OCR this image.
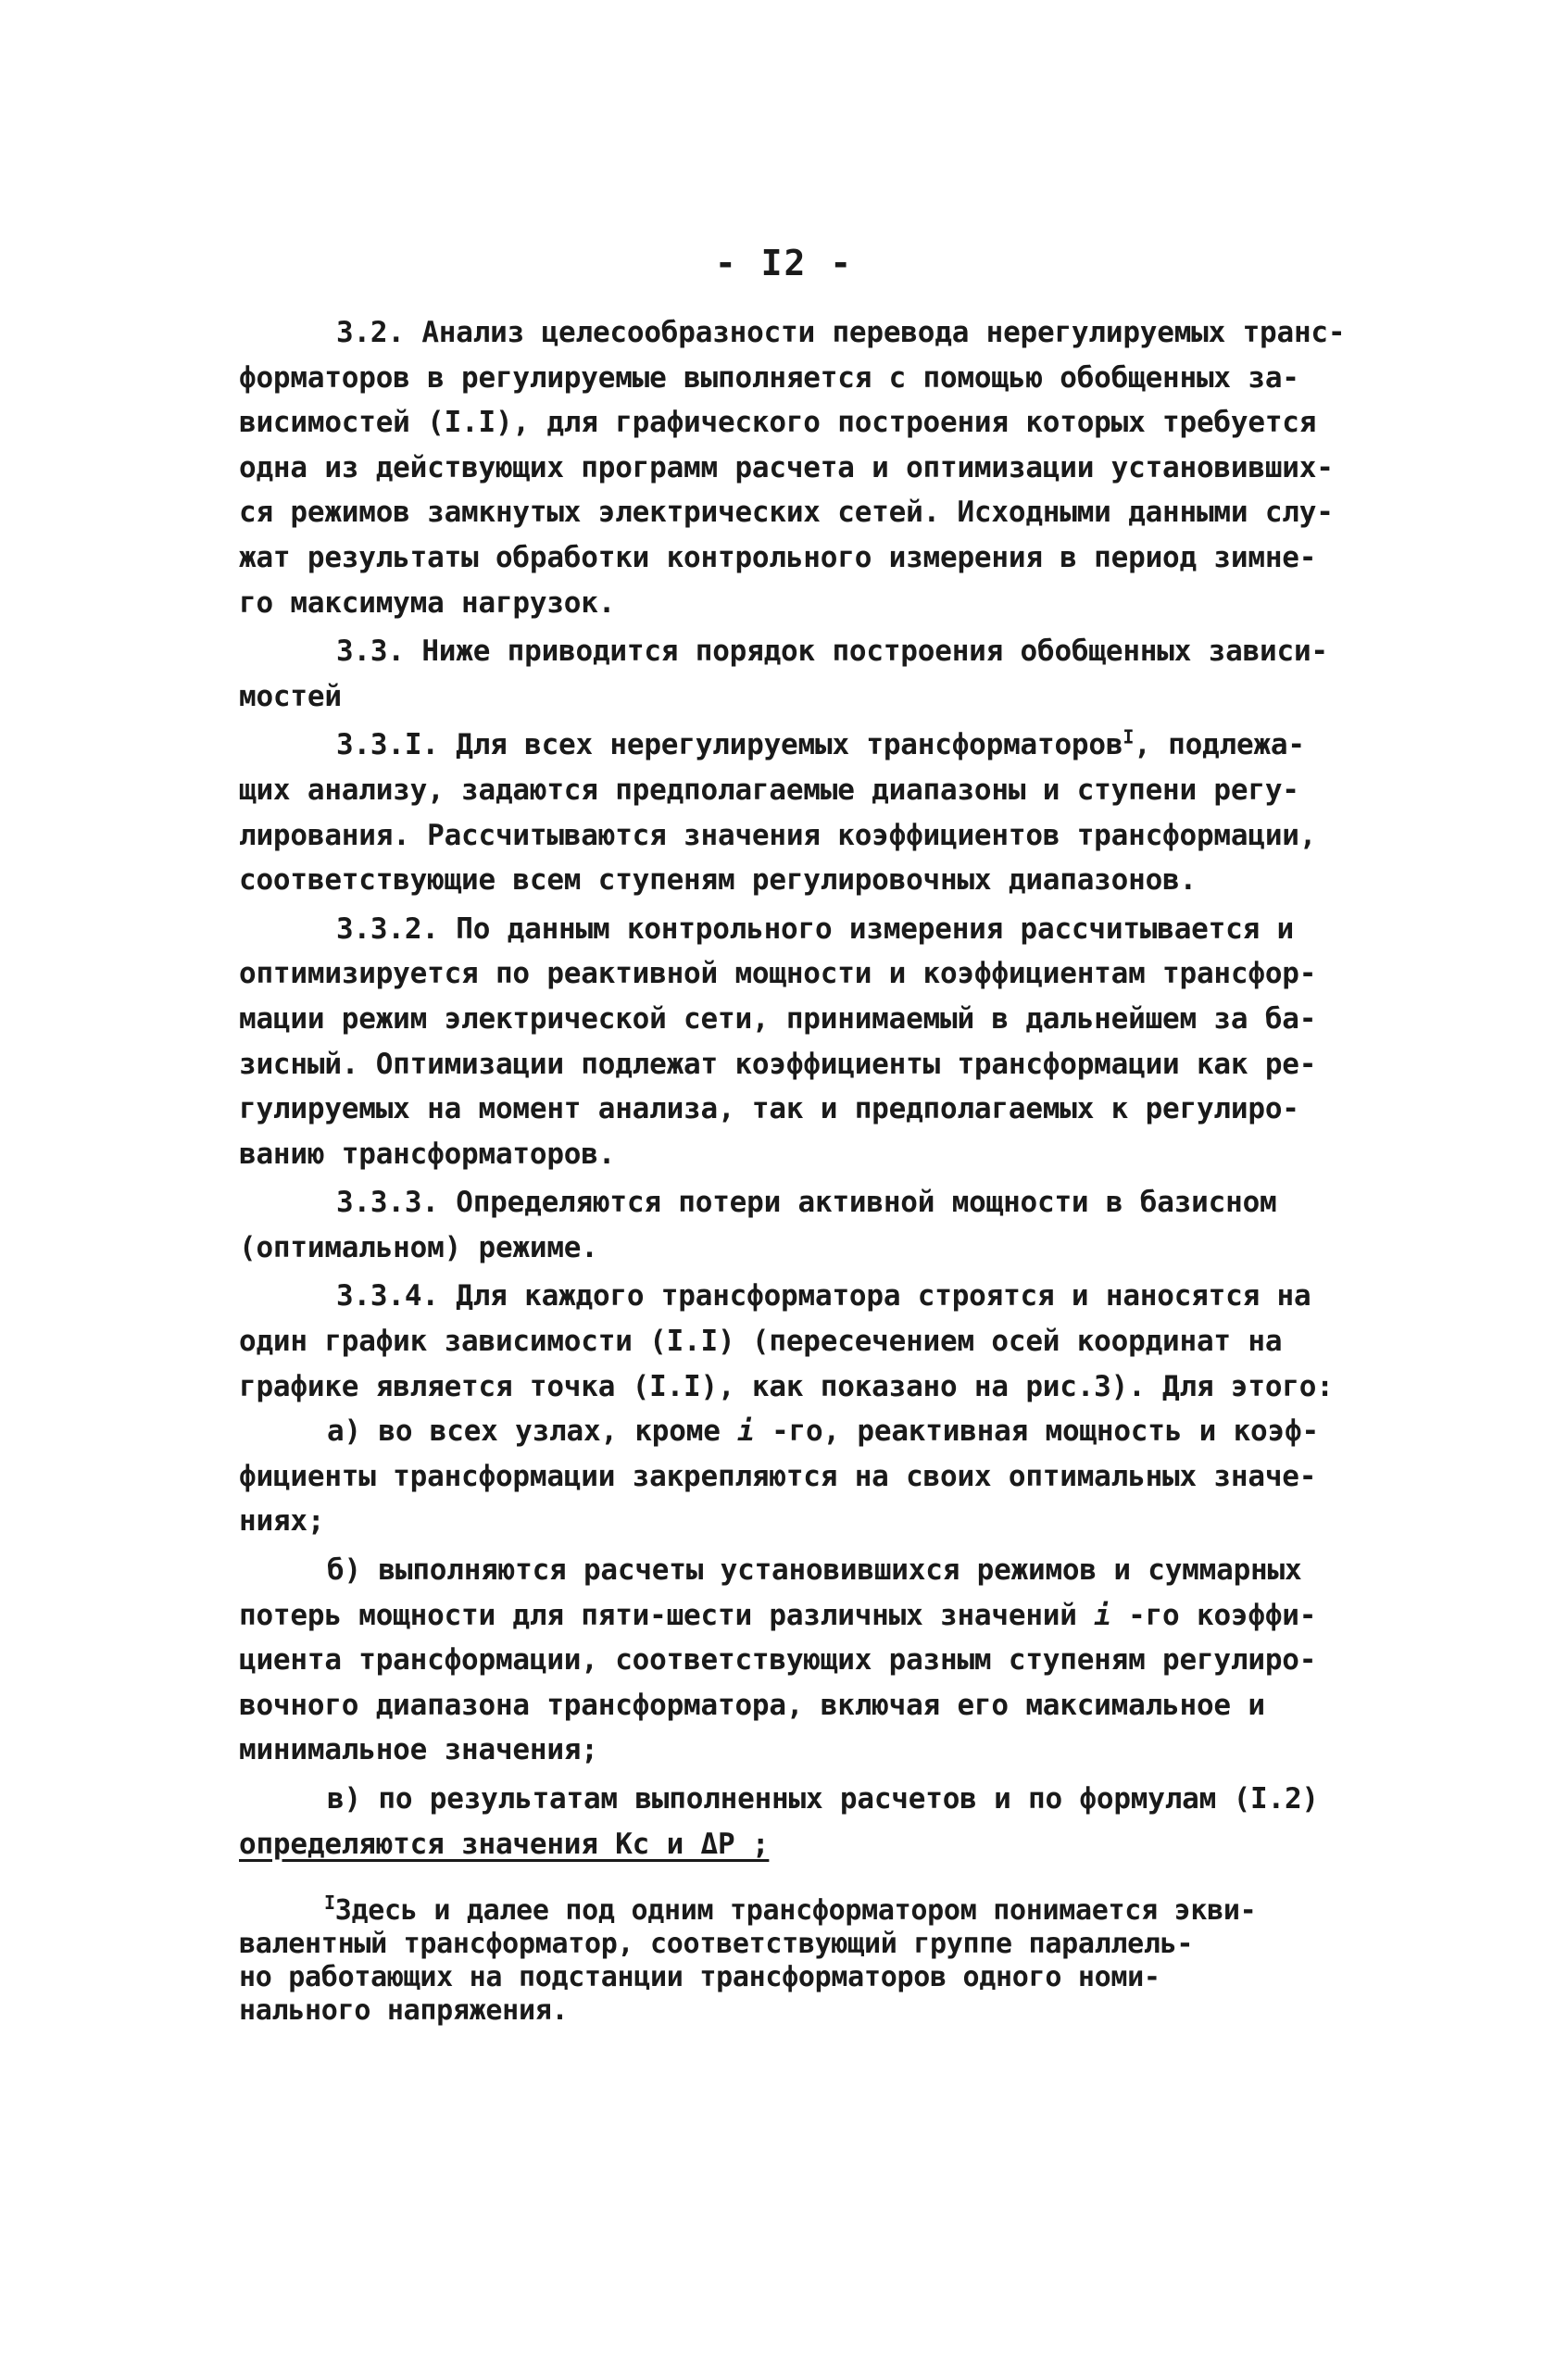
- I2 -
3.2. Анализ целесообразности перевода нерегулируемых транс-
форматоров в регулируемые выполняется с помощью обобщенных за-
висимостей (I.I), для графического построения которых требуется
одна из действующих программ расчета и оптимизации установивших-
ся режимов замкнутых электрических сетей. Исходными данными слу-
жат результаты обработки контрольного измерения в период зимне-
го максимума нагрузок.
3.3. Ниже приводится порядок построения обобщенных зависи-
мостей
3.3.I. Для всех нерегулируемых трансформаторов$^I$, подлежа-
щих анализу, задаются предполагаемые диапазоны и ступени регу-
лирования. Рассчитываются значения коэффициентов трансформации,
соответствующие всем ступеням регулировочных диапазонов.
3.3.2. По данным контрольного измерения рассчитывается и
оптимизируется по реактивной мощности и коэффициентам трансфор-
мации режим электрической сети, принимаемый в дальнейшем за ба-
зисный. Оптимизации подлежат коэффициенты трансформации как ре-
гулируемых на момент анализа, так и предполагаемых к регулиро-
ванию трансформаторов.
3.3.3. Определяются потери активной мощности в базисном
(оптимальном) режиме.
3.3.4. Для каждого трансформатора строятся и наносятся на
один график зависимости (I.I) (пересечением осей координат на
графике является точка (I.I), как показано на рис.3). Для этого:
а) во всех узлах, кроме i -го, реактивная мощность и коэф-
фициенты трансформации закрепляются на своих оптимальных значе-
ниях;
б) выполняются расчеты установившихся режимов и суммарных
потерь мощности для пяти-шести различных значений i -го коэффи-
циента трансформации, соответствующих разным ступеням регулиро-
вочного диапазона трансформатора, включая его максимальное и
минимальное значения;
в) по результатам выполненных расчетов и по формулам (I.2)
определяются значения Kc и ΔP ;
$^I$Здесь и далее под одним трансформатором понимается экви-
валентный трансформатор, соответствующий группе параллель-
но работающих на подстанции трансформаторов одного номи-
нального напряжения.
